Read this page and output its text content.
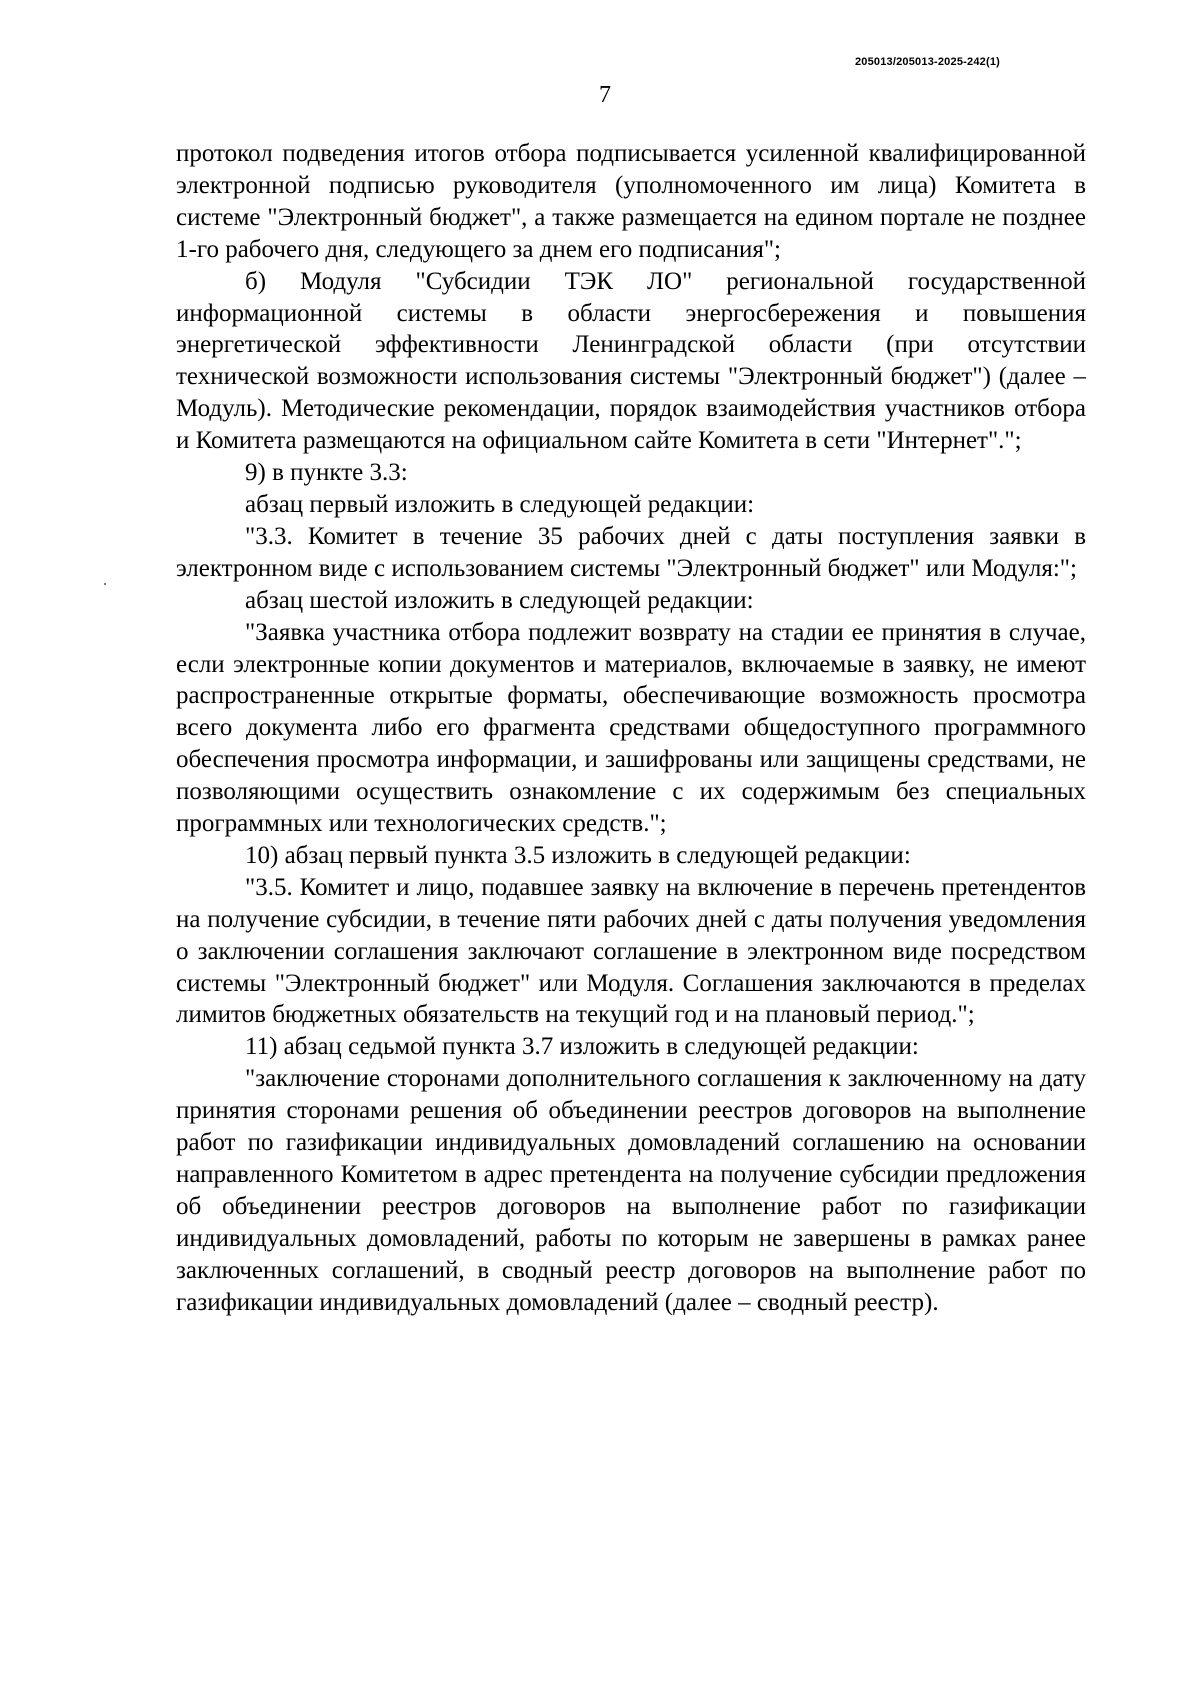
205013/205013-2025-242(1)
7

протокол подведения итогов отбора подписывается усиленной квалифицированной электронной подписью руководителя (уполномоченного им лица) Комитета в системе "Электронный бюджет", а также размещается на едином портале не позднее 1-го рабочего дня, следующего за днем его подписания";

б) Модуля "Субсидии ТЭК ЛО" региональной государственной информационной системы в области энергосбережения и повышения энергетической эффективности Ленинградской области (при отсутствии технической возможности использования системы "Электронный бюджет") (далее – Модуль). Методические рекомендации, порядок взаимодействия участников отбора и Комитета размещаются на официальном сайте Комитета в сети "Интернет".";

9) в пункте 3.3:

абзац первый изложить в следующей редакции:

"3.3. Комитет в течение 35 рабочих дней с даты поступления заявки в электронном виде с использованием системы "Электронный бюджет" или Модуля:";

абзац шестой изложить в следующей редакции:

"Заявка участника отбора подлежит возврату на стадии ее принятия в случае, если электронные копии документов и материалов, включаемые в заявку, не имеют распространенные открытые форматы, обеспечивающие возможность просмотра всего документа либо его фрагмента средствами общедоступного программного обеспечения просмотра информации, и зашифрованы или защищены средствами, не позволяющими осуществить ознакомление с их содержимым без специальных программных или технологических средств.";

10) абзац первый пункта 3.5 изложить в следующей редакции:

"3.5. Комитет и лицо, подавшее заявку на включение в перечень претендентов на получение субсидии, в течение пяти рабочих дней с даты получения уведомления о заключении соглашения заключают соглашение в электронном виде посредством системы "Электронный бюджет" или Модуля. Соглашения заключаются в пределах лимитов бюджетных обязательств на текущий год и на плановый период.";

11) абзац седьмой пункта 3.7 изложить в следующей редакции:

"заключение сторонами дополнительного соглашения к заключенному на дату принятия сторонами решения об объединении реестров договоров на выполнение работ по газификации индивидуальных домовладений соглашению на основании направленного Комитетом в адрес претендента на получение субсидии предложения об объединении реестров договоров на выполнение работ по газификации индивидуальных домовладений, работы по которым не завершены в рамках ранее заключенных соглашений, в сводный реестр договоров на выполнение работ по газификации индивидуальных домовладений (далее – сводный реестр).
